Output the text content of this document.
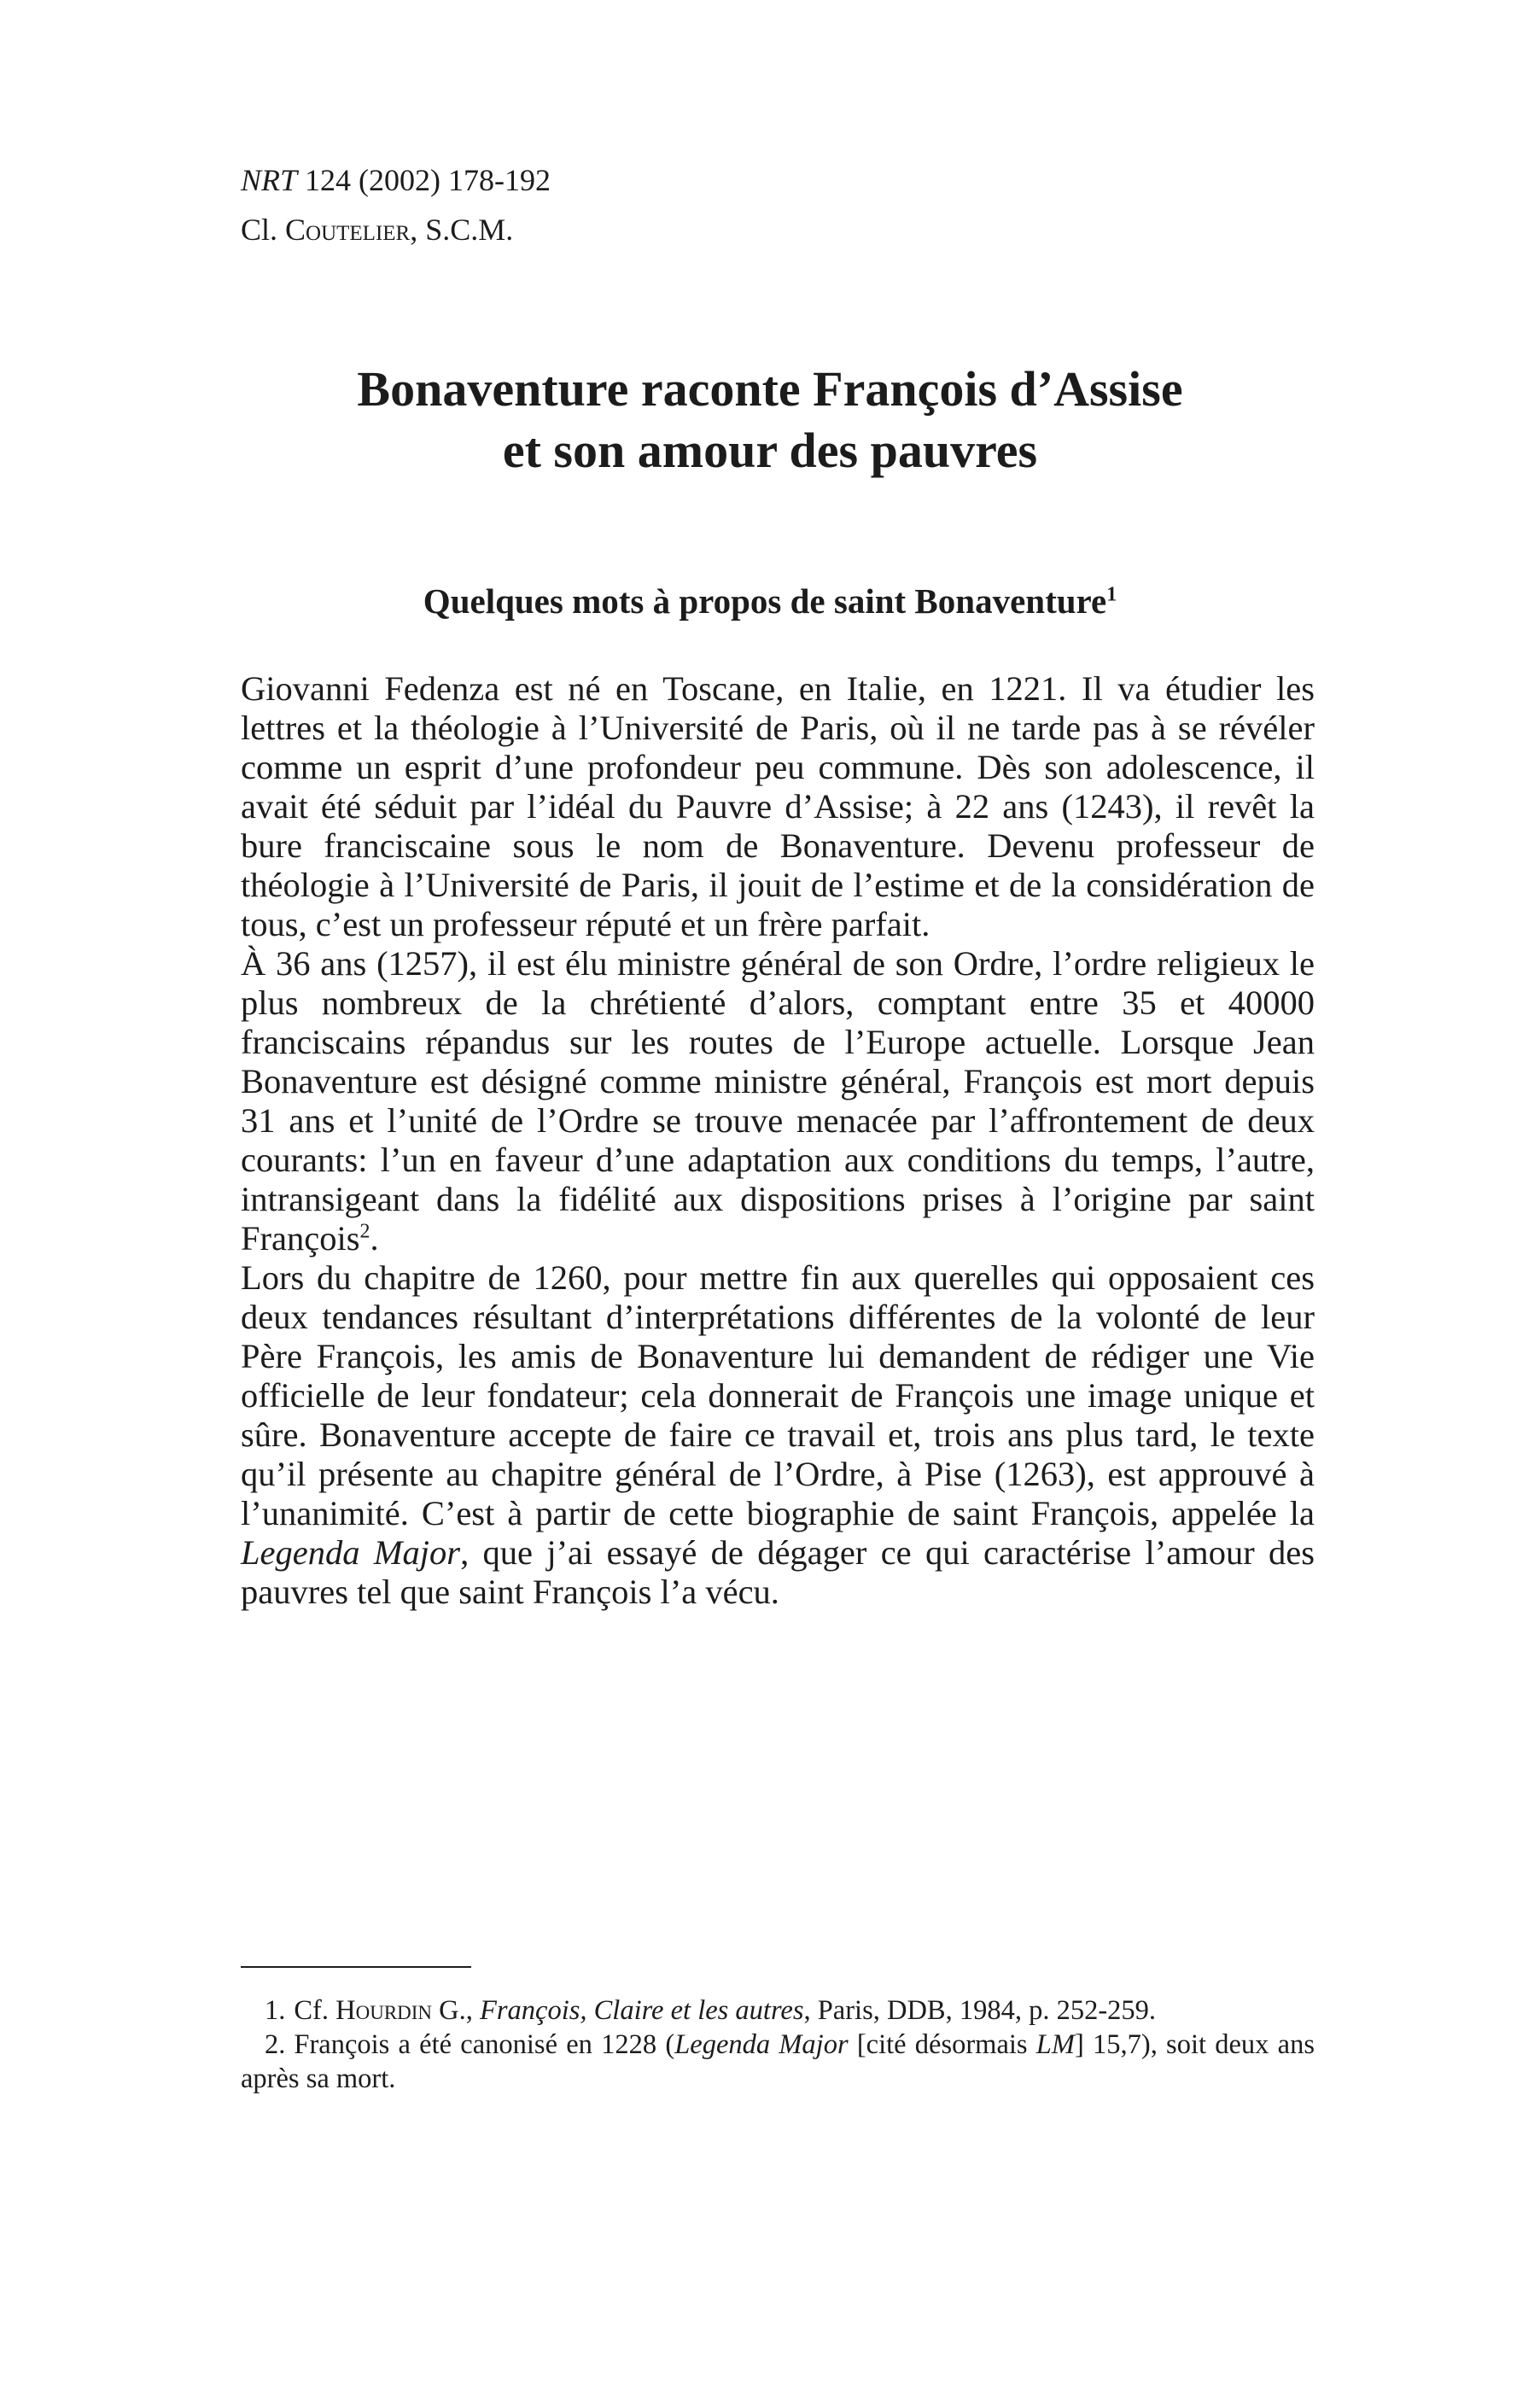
NRT 124 (2002) 178-192
Cl. Coutelier, S.C.M.
Bonaventure raconte François d’Assise
et son amour des pauvres
Quelques mots à propos de saint Bonaventure$^1$

Giovanni Fedenza est né en Toscane, en Italie, en 1221. Il va étudier les lettres et la théologie à l’Université de Paris, où il ne tarde pas à se révéler comme un esprit d’une profondeur peu commune. Dès son adolescence, il avait été séduit par l’idéal du Pauvre d’Assise; à 22 ans (1243), il revêt la bure franciscaine sous le nom de Bonaventure. Devenu professeur de théologie à l’Université de Paris, il jouit de l’estime et de la considération de tous, c’est un professeur réputé et un frère parfait.

À 36 ans (1257), il est élu ministre général de son Ordre, l’ordre religieux le plus nombreux de la chrétienté d’alors, comptant entre 35 et 40000 franciscains répandus sur les routes de l’Europe actuelle. Lorsque Jean Bonaventure est désigné comme ministre général, François est mort depuis 31 ans et l’unité de l’Ordre se trouve menacée par l’affrontement de deux courants: l’un en faveur d’une adaptation aux conditions du temps, l’autre, intransigeant dans la fidélité aux dispositions prises à l’origine par saint François$^2$.

Lors du chapitre de 1260, pour mettre fin aux querelles qui opposaient ces deux tendances résultant d’interprétations différentes de la volonté de leur Père François, les amis de Bonaventure lui demandent de rédiger une Vie officielle de leur fondateur; cela donnerait de François une image unique et sûre. Bonaventure accepte de faire ce travail et, trois ans plus tard, le texte qu’il présente au chapitre général de l’Ordre, à Pise (1263), est approuvé à l’unanimité. C’est à partir de cette biographie de saint François, appelée la Legenda Major, que j’ai essayé de dégager ce qui caractérise l’amour des pauvres tel que saint François l’a vécu.

1. Cf. Hourdin G., François, Claire et les autres, Paris, DDB, 1984, p. 252-259.

2. François a été canonisé en 1228 (Legenda Major [cité désormais LM] 15,7), soit deux ans après sa mort.
